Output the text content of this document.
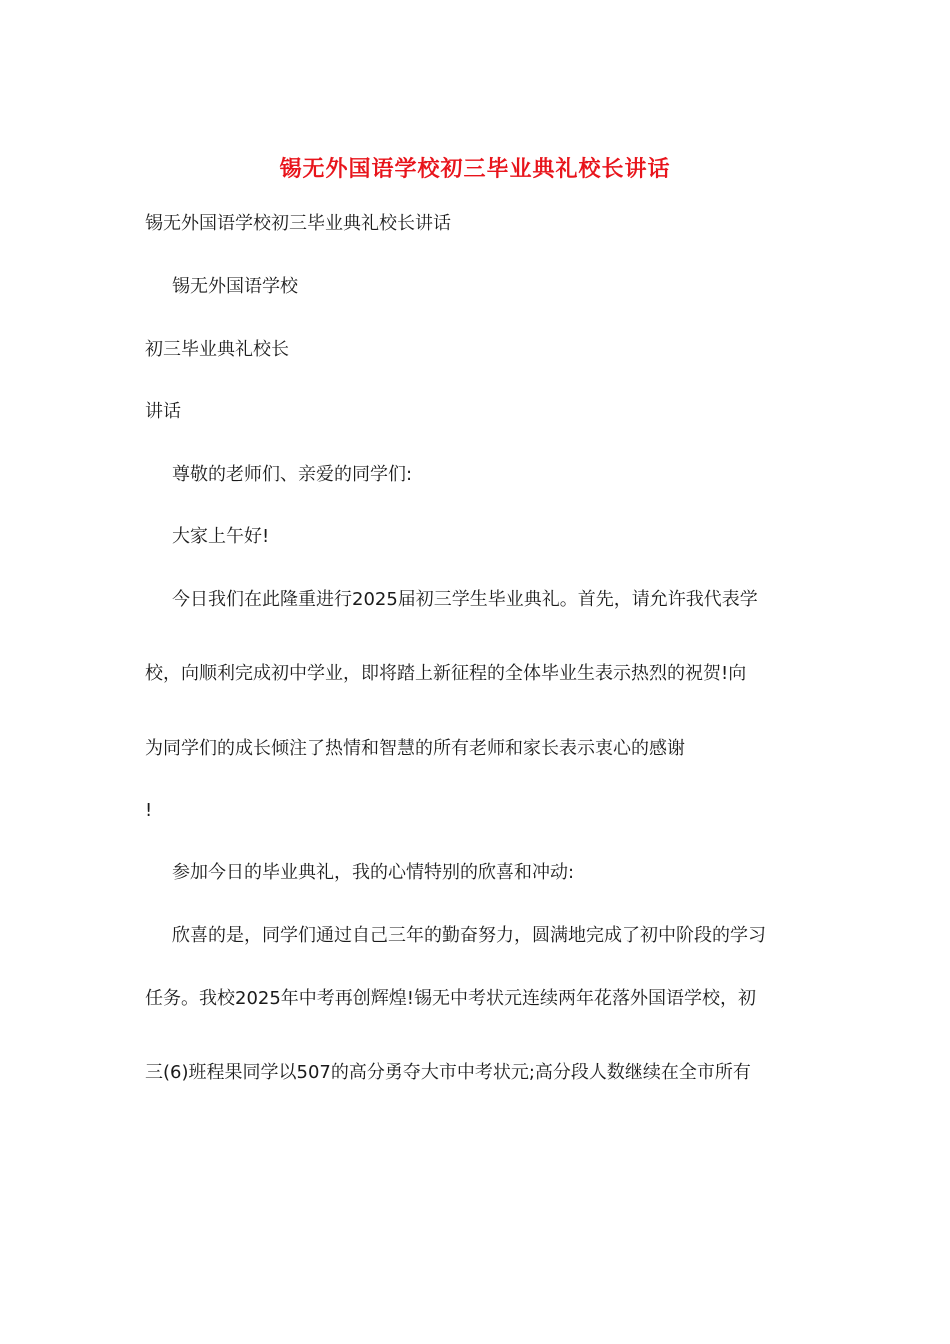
锡无外国语学校初三毕业典礼校长讲话
锡无外国语学校初三毕业典礼校长讲话
锡无外国语学校
初三毕业典礼校长
讲话
尊敬的老师们、亲爱的同学们:
大家上午好!
今日我们在此隆重进行2025届初三学生毕业典礼。首先，请允许我代表学
校，向顺利完成初中学业，即将踏上新征程的全体毕业生表示热烈的祝贺!向
为同学们的成长倾注了热情和智慧的所有老师和家长表示衷心的感谢
!
参加今日的毕业典礼，我的心情特别的欣喜和冲动:
欣喜的是，同学们通过自己三年的勤奋努力，圆满地完成了初中阶段的学习
任务。我校2025年中考再创辉煌!锡无中考状元连续两年花落外国语学校，初
三(6)班程果同学以507的高分勇夺大市中考状元;高分段人数继续在全市所有
